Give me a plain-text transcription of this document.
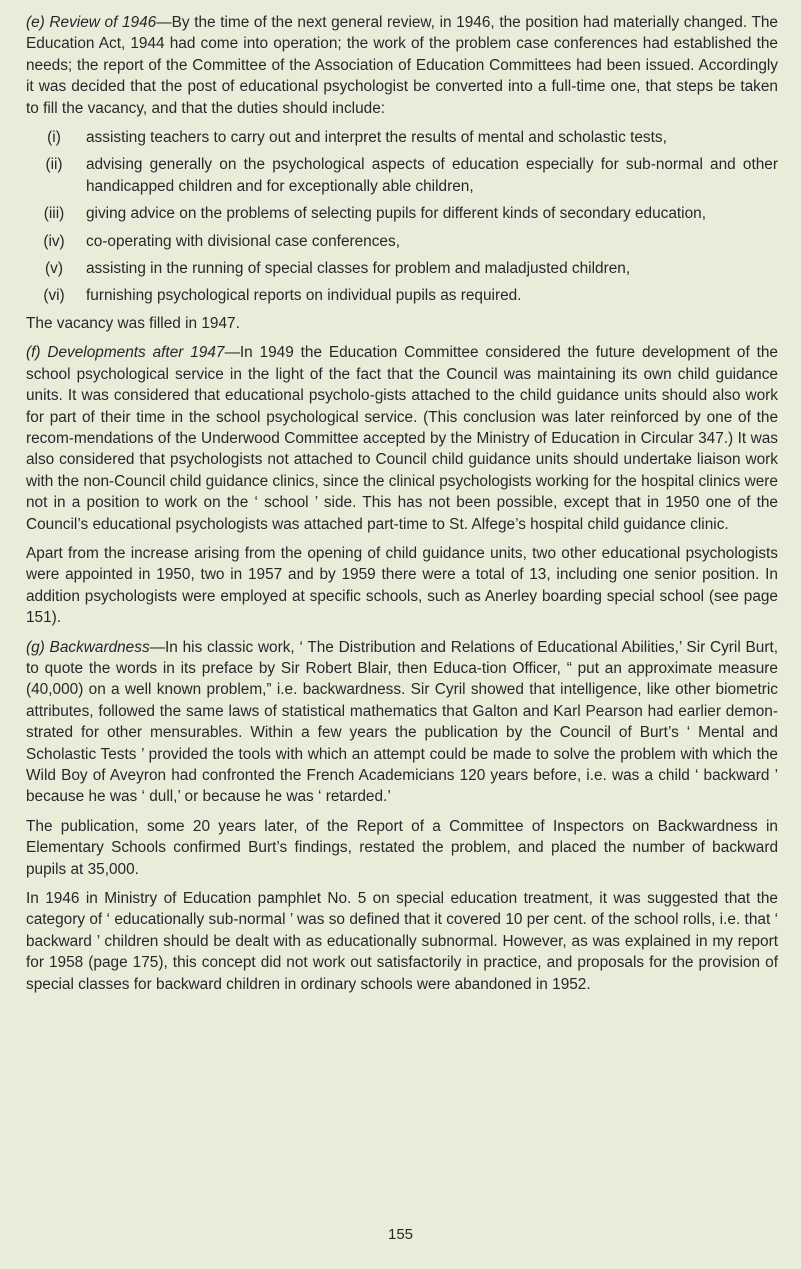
(e) Review of 1946—By the time of the next general review, in 1946, the position had materially changed. The Education Act, 1944 had come into operation; the work of the problem case conferences had established the needs; the report of the Committee of the Association of Education Committees had been issued. Accordingly it was decided that the post of educational psychologist be converted into a full-time one, that steps be taken to fill the vacancy, and that the duties should include:

(i)	assisting teachers to carry out and interpret the results of mental and scholastic tests,
(ii)	advising generally on the psychological aspects of education especially for sub-normal and other handicapped children and for exceptionally able children,
(iii)	giving advice on the problems of selecting pupils for different kinds of secondary education,
(iv)	co-operating with divisional case conferences,
(v)	assisting in the running of special classes for problem and maladjusted children,
(vi)	furnishing psychological reports on individual pupils as required.

The vacancy was filled in 1947.

(f) Developments after 1947—In 1949 the Education Committee considered the future development of the school psychological service in the light of the fact that the Council was maintaining its own child guidance units. It was considered that educational psycholo-gists attached to the child guidance units should also work for part of their time in the school psychological service. (This conclusion was later reinforced by one of the recom-mendations of the Underwood Committee accepted by the Ministry of Education in Circular 347.) It was also considered that psychologists not attached to Council child guidance units should undertake liaison work with the non-Council child guidance clinics, since the clinical psychologists working for the hospital clinics were not in a position to work on the ‘ school ’ side. This has not been possible, except that in 1950 one of the Council’s educational psychologists was attached part-time to St. Alfege’s hospital child guidance clinic.

Apart from the increase arising from the opening of child guidance units, two other educational psychologists were appointed in 1950, two in 1957 and by 1959 there were a total of 13, including one senior position. In addition psychologists were employed at specific schools, such as Anerley boarding special school (see page 151).

(g) Backwardness—In his classic work, ‘ The Distribution and Relations of Educational Abilities,’ Sir Cyril Burt, to quote the words in its preface by Sir Robert Blair, then Educa-tion Officer, “ put an approximate measure (40,000) on a well known problem,” i.e. backwardness. Sir Cyril showed that intelligence, like other biometric attributes, followed the same laws of statistical mathematics that Galton and Karl Pearson had earlier demon-strated for other mensurables. Within a few years the publication by the Council of Burt’s ‘ Mental and Scholastic Tests ’ provided the tools with which an attempt could be made to solve the problem with which the Wild Boy of Aveyron had confronted the French Academicians 120 years before, i.e. was a child ‘ backward ’ because he was ‘ dull,’ or because he was ‘ retarded.’

The publication, some 20 years later, of the Report of a Committee of Inspectors on Backwardness in Elementary Schools confirmed Burt’s findings, restated the problem, and placed the number of backward pupils at 35,000.

In 1946 in Ministry of Education pamphlet No. 5 on special education treatment, it was suggested that the category of ‘ educationally sub-normal ’ was so defined that it covered 10 per cent. of the school rolls, i.e. that ‘ backward ’ children should be dealt with as educationally subnormal. However, as was explained in my report for 1958 (page 175), this concept did not work out satisfactorily in practice, and proposals for the provision of special classes for backward children in ordinary schools were abandoned in 1952.

155
